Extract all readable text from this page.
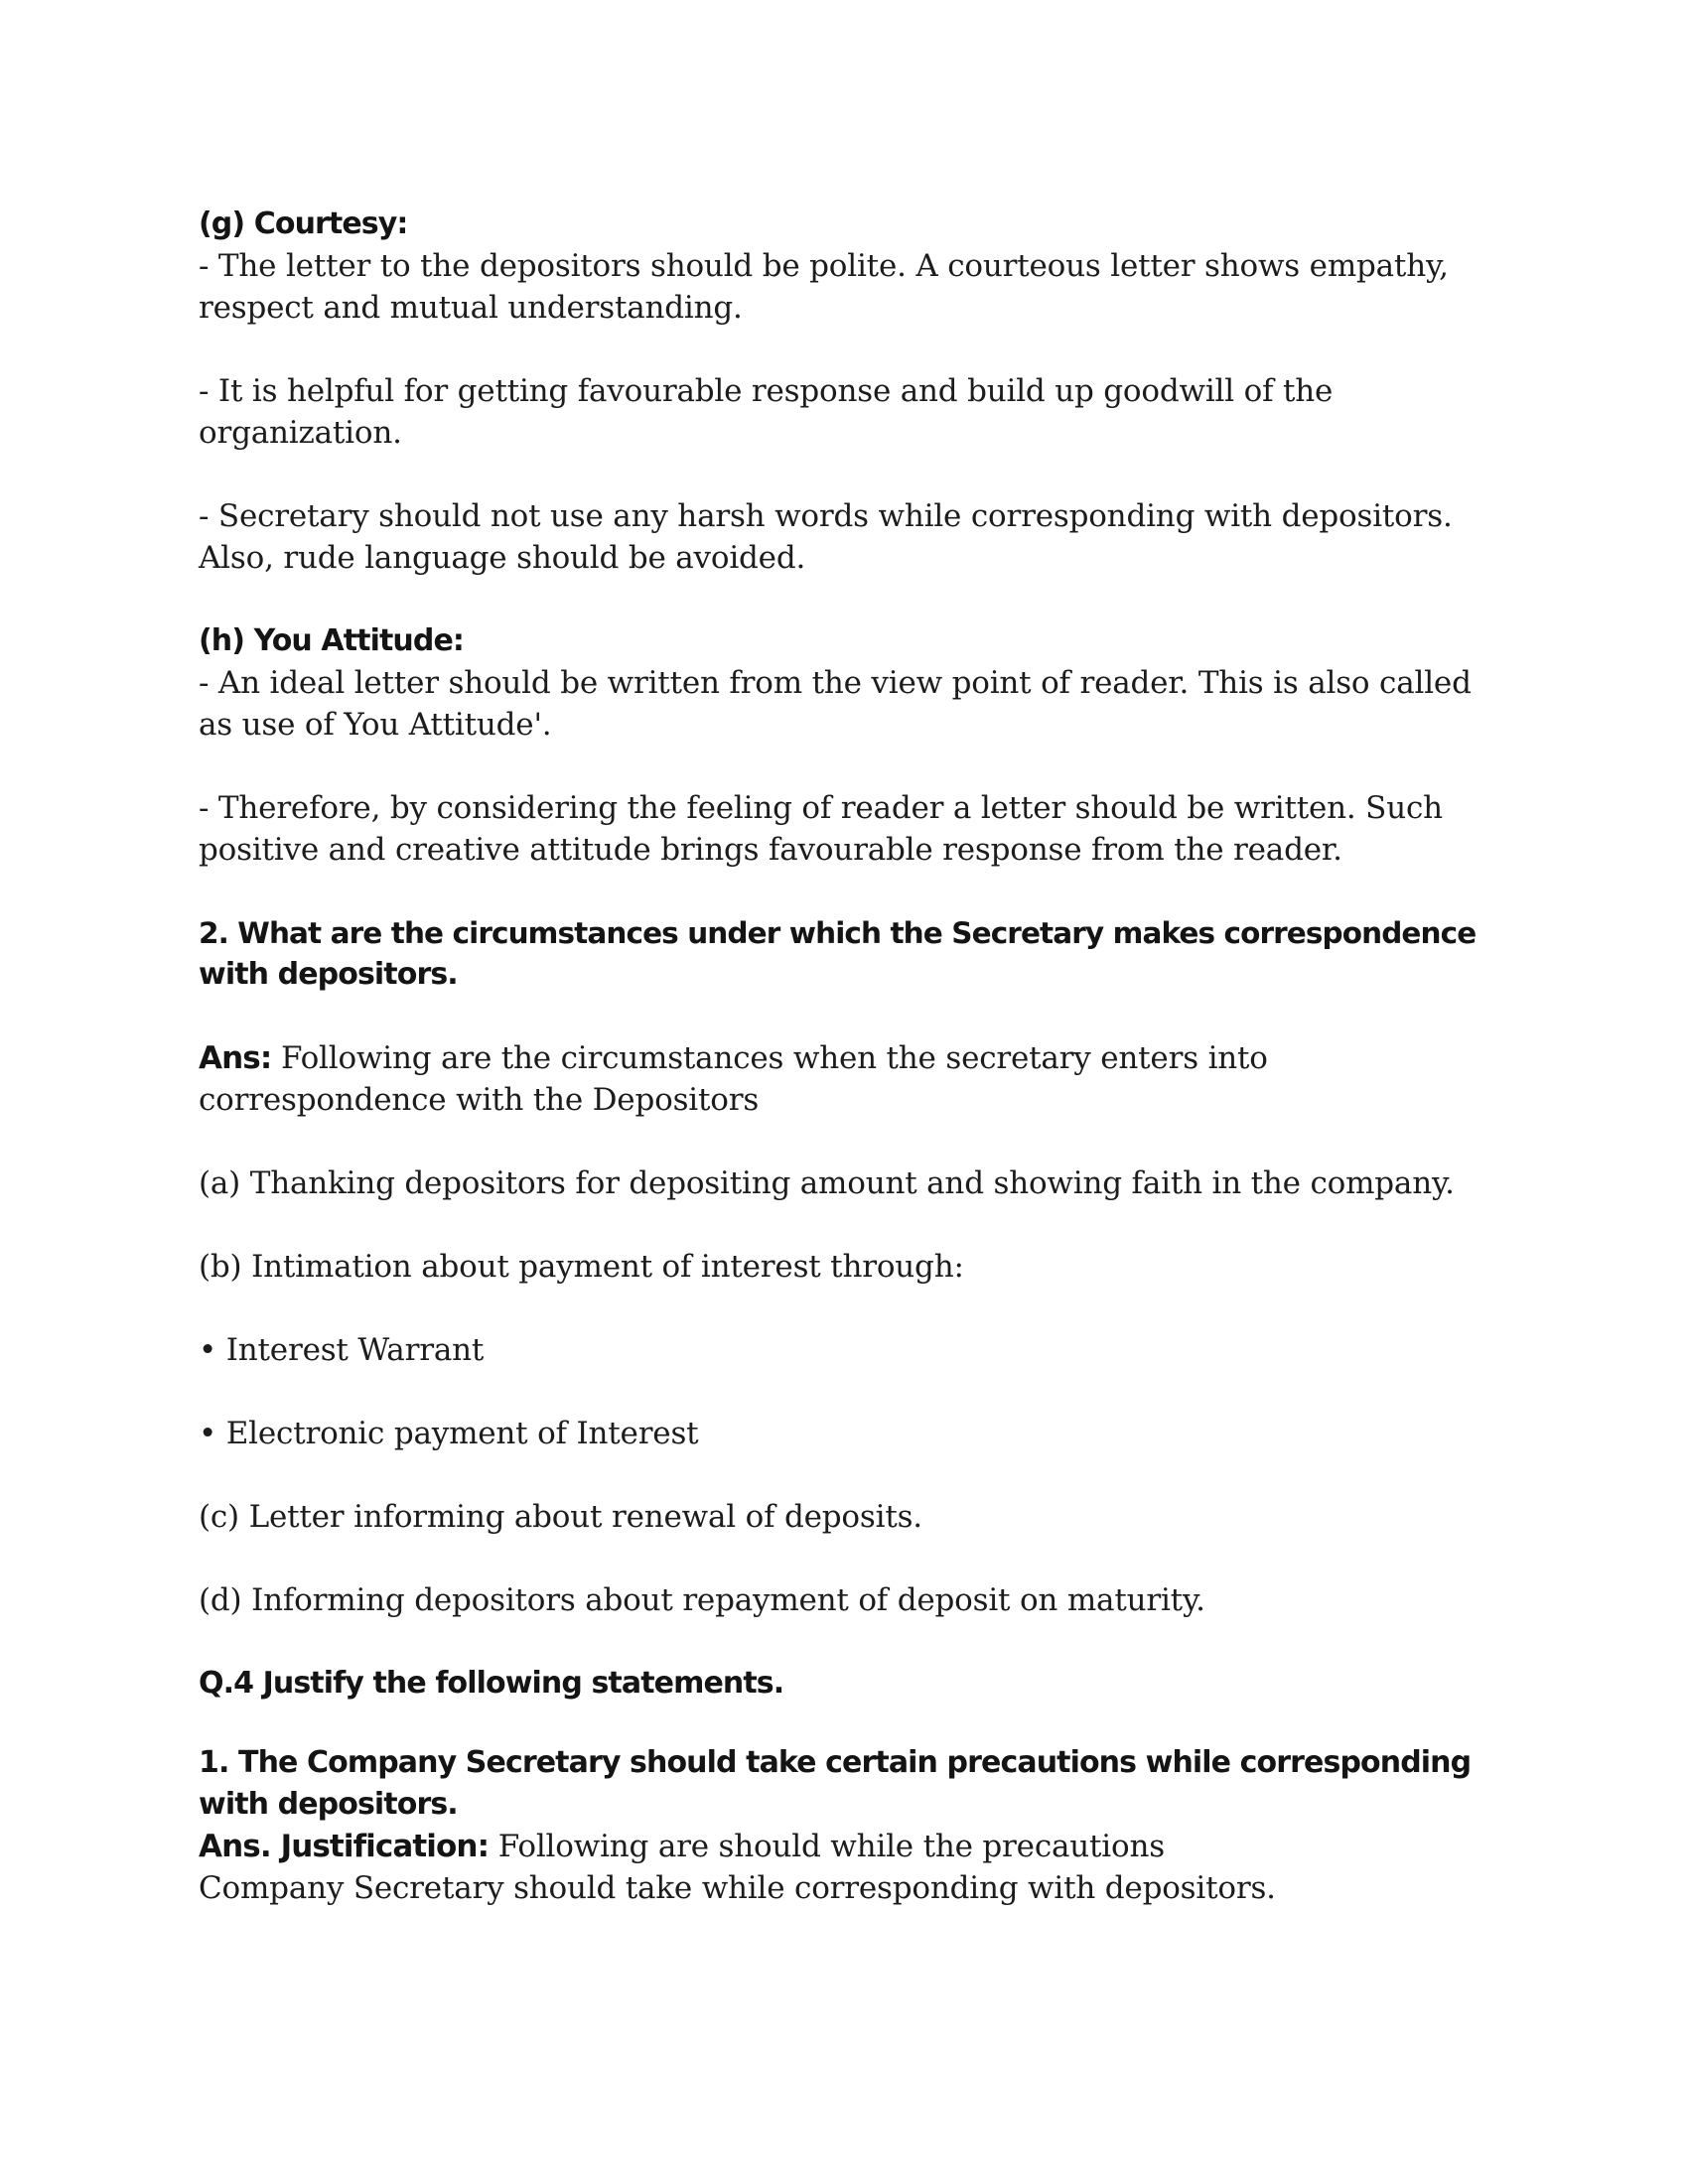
(g) Courtesy:
- The letter to the depositors should be polite. A courteous letter shows empathy,
respect and mutual understanding.
- It is helpful for getting favourable response and build up goodwill of the
organization.
- Secretary should not use any harsh words while corresponding with depositors.
Also, rude language should be avoided.
(h) You Attitude:
- An ideal letter should be written from the view point of reader. This is also called
as use of You Attitude'.
- Therefore, by considering the feeling of reader a letter should be written. Such
positive and creative attitude brings favourable response from the reader.
2. What are the circumstances under which the Secretary makes correspondence
with depositors.
Ans: Following are the circumstances when the secretary enters into
correspondence with the Depositors
(a) Thanking depositors for depositing amount and showing faith in the company.
(b) Intimation about payment of interest through:
• Interest Warrant
• Electronic payment of Interest
(c) Letter informing about renewal of deposits.
(d) Informing depositors about repayment of deposit on maturity.
Q.4 Justify the following statements.
1. The Company Secretary should take certain precautions while corresponding
with depositors.
Ans. Justification: Following are should while the precautions
Company Secretary should take while corresponding with depositors.
